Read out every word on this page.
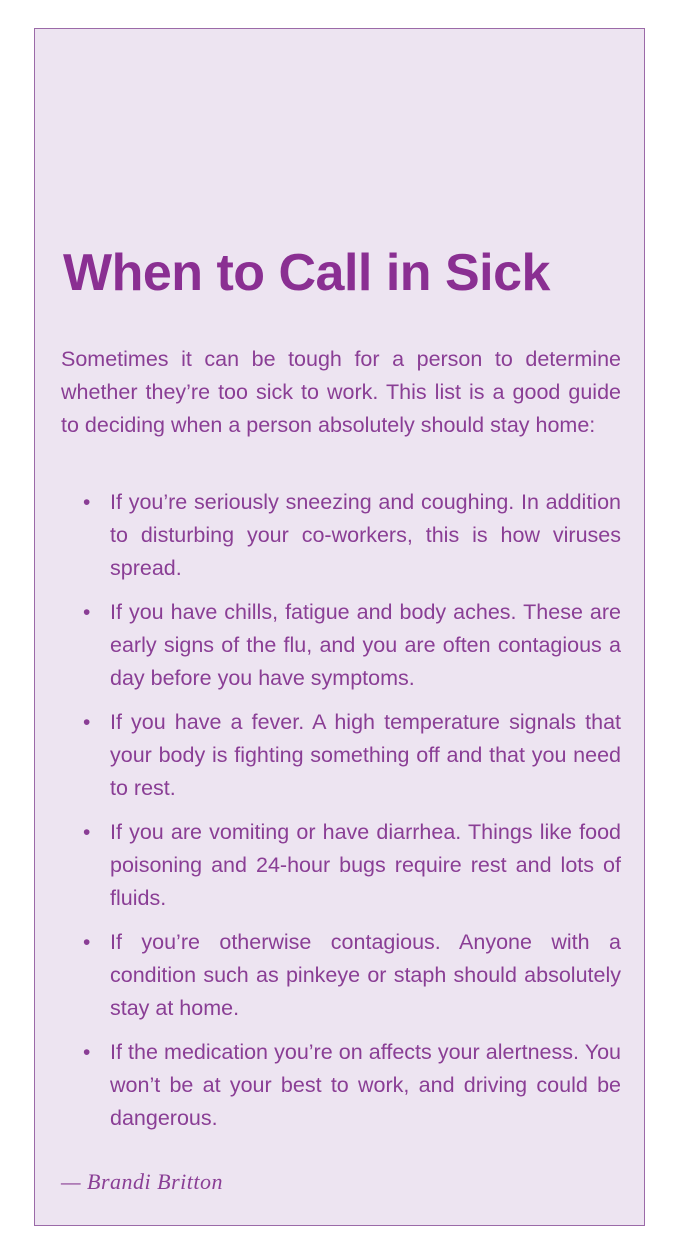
When to Call in Sick

Sometimes it can be tough for a person to determine whether they’re too sick to work. This list is a good guide to deciding when a person absolutely should stay home:

• If you’re seriously sneezing and coughing. In addition to disturbing your co-workers, this is how viruses spread.
• If you have chills, fatigue and body aches. These are early signs of the flu, and you are often contagious a day before you have symptoms.
• If you have a fever. A high temperature signals that your body is fighting something off and that you need to rest.
• If you are vomiting or have diarrhea. Things like food poisoning and 24-hour bugs require rest and lots of fluids.
• If you’re otherwise contagious. Anyone with a condition such as pinkeye or staph should absolutely stay at home.
• If the medication you’re on affects your alertness. You won’t be at your best to work, and driving could be dangerous.

— Brandi Britton
